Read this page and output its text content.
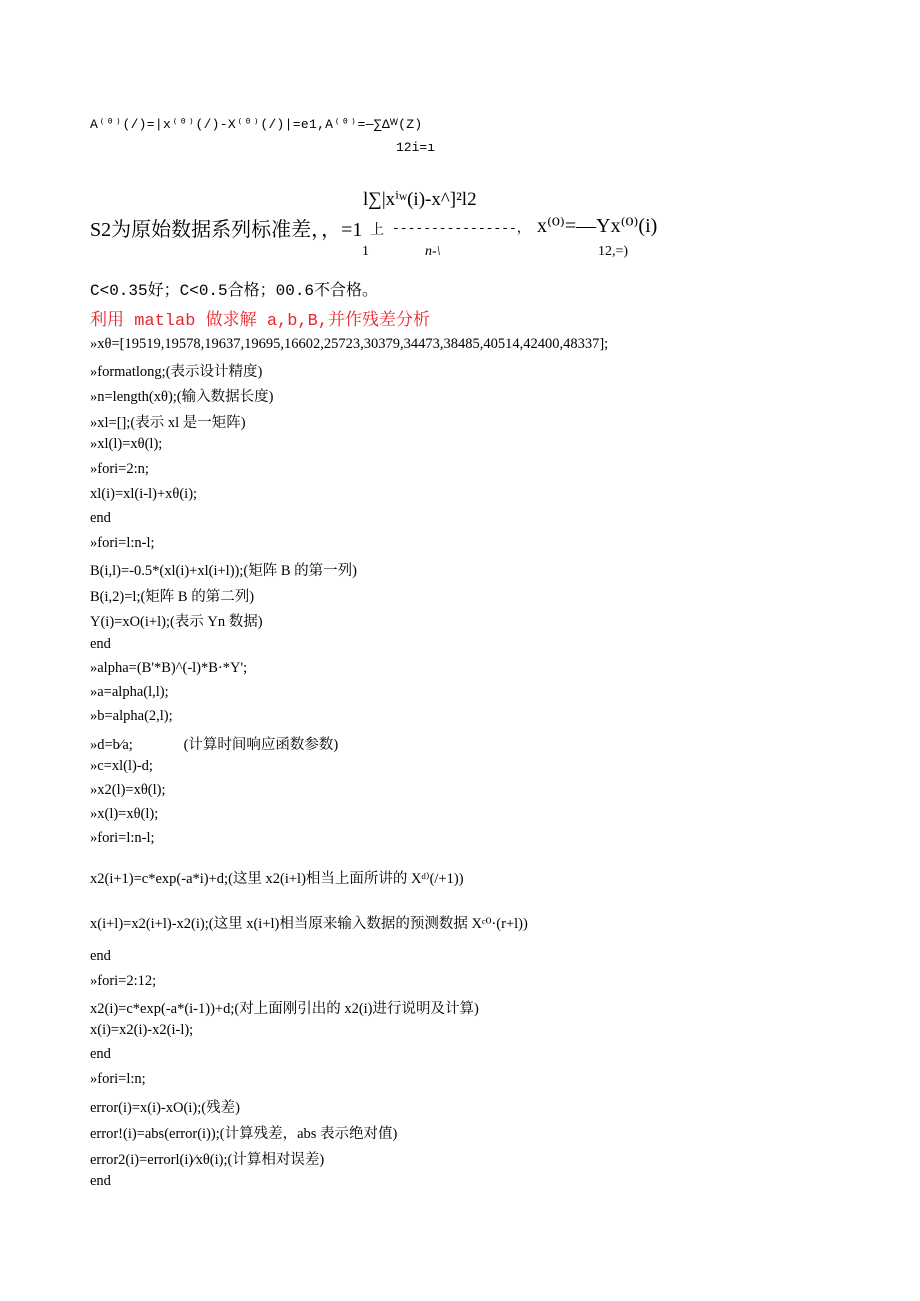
A⁽⁰⁾(/)=|x⁽⁰⁾(/)-X⁽⁰⁾(/)|=e1,A⁽⁰⁾=—∑Δᵂ(Z)
12i=ı
l∑|xⁱʷ(i)-x^]²l2
S2为原始数据系列标准差，，=1 上 ----------------， x⁽⁰⁾=—Yx⁽⁰⁾(i)
1	n-\	12,=)
C<0.35好；C<0.5合格；00.6不合格。
利用 matlab 做求解 a,b,B,并作残差分析
»xθ=[19519,19578,19637,19695,16602,25723,30379,34473,38485,40514,42400,48337];
»formatlong;(表示设计精度)
»n=length(xθ);(输入数据长度)
»xl=[];(表示 xl 是一矩阵)
»xl(l)=xθ(l);
»fori=2:n;
xl(i)=xl(i-l)+xθ(i);
end
»fori=l:n-l;
B(i,l)=-0.5*(xl(i)+xl(i+l));(矩阵 B 的第一列)
B(i,2)=l;(矩阵 B 的第二列)
Y(i)=xO(i+l);(表示 Yn 数据)
end
»alpha=(B'*B)^(-l)*B·*Y';
»a=alpha(l,l);
»b=alpha(2,l);
»d=b⁄a;              (计算时间响应函数参数)
»c=xl(l)-d;
»x2(l)=xθ(l);
»x(l)=xθ(l);
»fori=l:n-l;
x2(i+1)=c*exp(-a*i)+d;(这里 x2(i+l)相当上面所讲的 Xᵈ⁾(/+1))
x(i+l)=x2(i+l)-x2(i);(这里 x(i+l)相当原来输入数据的预测数据 Xᶜ⁰·(r+l))
end
»fori=2:12;
x2(i)=c*exp(-a*(i-1))+d;(对上面刚引出的 x2(i)进行说明及计算)
x(i)=x2(i)-x2(i-l);
end
»fori=l:n;
error(i)=x(i)-xO(i);(残差)
error!(i)=abs(error(i));(计算残差，abs 表示绝对值)
error2(i)=errorl(i)⁄xθ(i);(计算相对误差)
end
